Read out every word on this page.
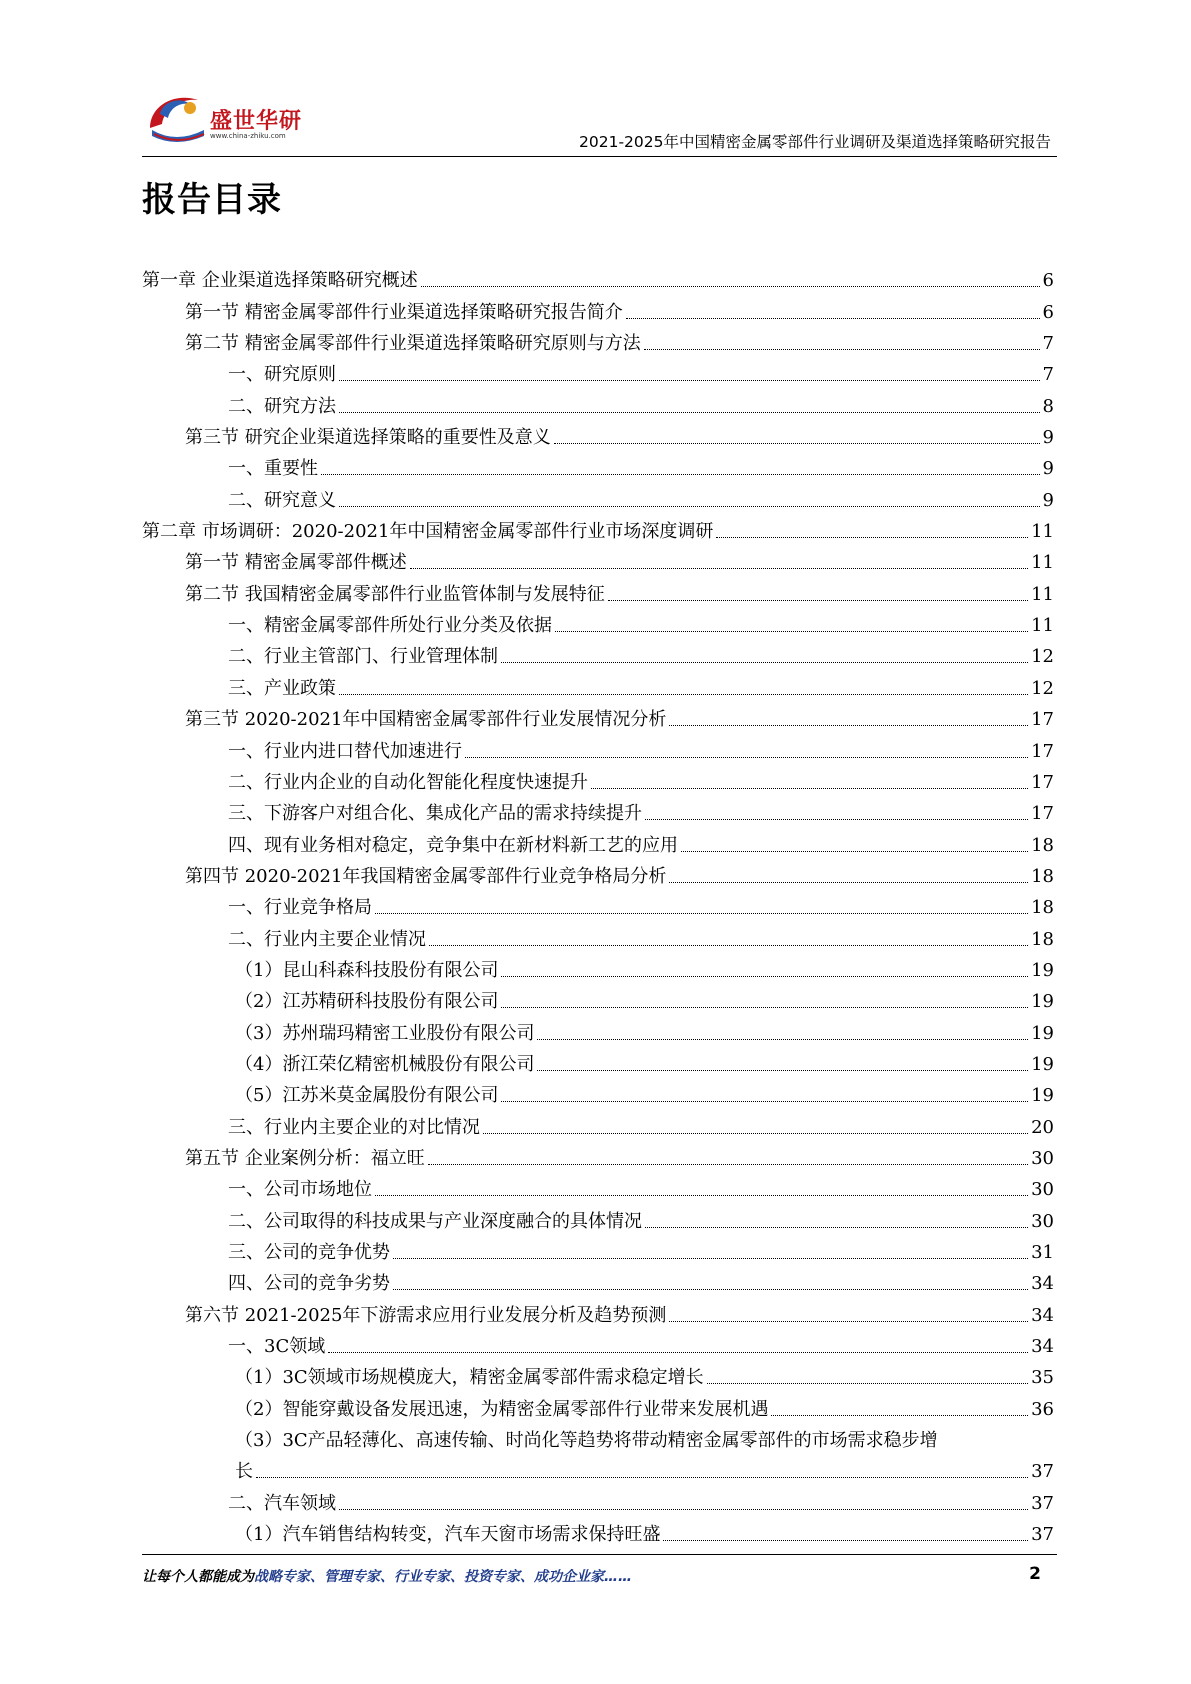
盛世华研
www.china-zhiku.com	2021-2025年中国精密金属零部件行业调研及渠道选择策略研究报告
报告目录
第一章 企业渠道选择策略研究概述	6
第一节 精密金属零部件行业渠道选择策略研究报告简介	6
第二节 精密金属零部件行业渠道选择策略研究原则与方法	7
一、研究原则	7
二、研究方法	8
第三节 研究企业渠道选择策略的重要性及意义	9
一、重要性	9
二、研究意义	9
第二章 市场调研：2020-2021年中国精密金属零部件行业市场深度调研	11
第一节 精密金属零部件概述	11
第二节 我国精密金属零部件行业监管体制与发展特征	11
一、精密金属零部件所处行业分类及依据	11
二、行业主管部门、行业管理体制	12
三、产业政策	12
第三节 2020-2021年中国精密金属零部件行业发展情况分析	17
一、行业内进口替代加速进行	17
二、行业内企业的自动化智能化程度快速提升	17
三、下游客户对组合化、集成化产品的需求持续提升	17
四、现有业务相对稳定，竞争集中在新材料新工艺的应用	18
第四节 2020-2021年我国精密金属零部件行业竞争格局分析	18
一、行业竞争格局	18
二、行业内主要企业情况	18
（1）昆山科森科技股份有限公司	19
（2）江苏精研科技股份有限公司	19
（3）苏州瑞玛精密工业股份有限公司	19
（4）浙江荣亿精密机械股份有限公司	19
（5）江苏米莫金属股份有限公司	19
三、行业内主要企业的对比情况	20
第五节 企业案例分析：福立旺	30
一、公司市场地位	30
二、公司取得的科技成果与产业深度融合的具体情况	30
三、公司的竞争优势	31
四、公司的竞争劣势	34
第六节 2021-2025年下游需求应用行业发展分析及趋势预测	34
一、3C领域	34
（1）3C领域市场规模庞大，精密金属零部件需求稳定增长	35
（2）智能穿戴设备发展迅速，为精密金属零部件行业带来发展机遇	36
（3）3C产品轻薄化、高速传输、时尚化等趋势将带动精密金属零部件的市场需求稳步增
长	37
二、汽车领域	37
（1）汽车销售结构转变，汽车天窗市场需求保持旺盛	37
让每个人都能成为战略专家、管理专家、行业专家、投资专家、成功企业家……	2
